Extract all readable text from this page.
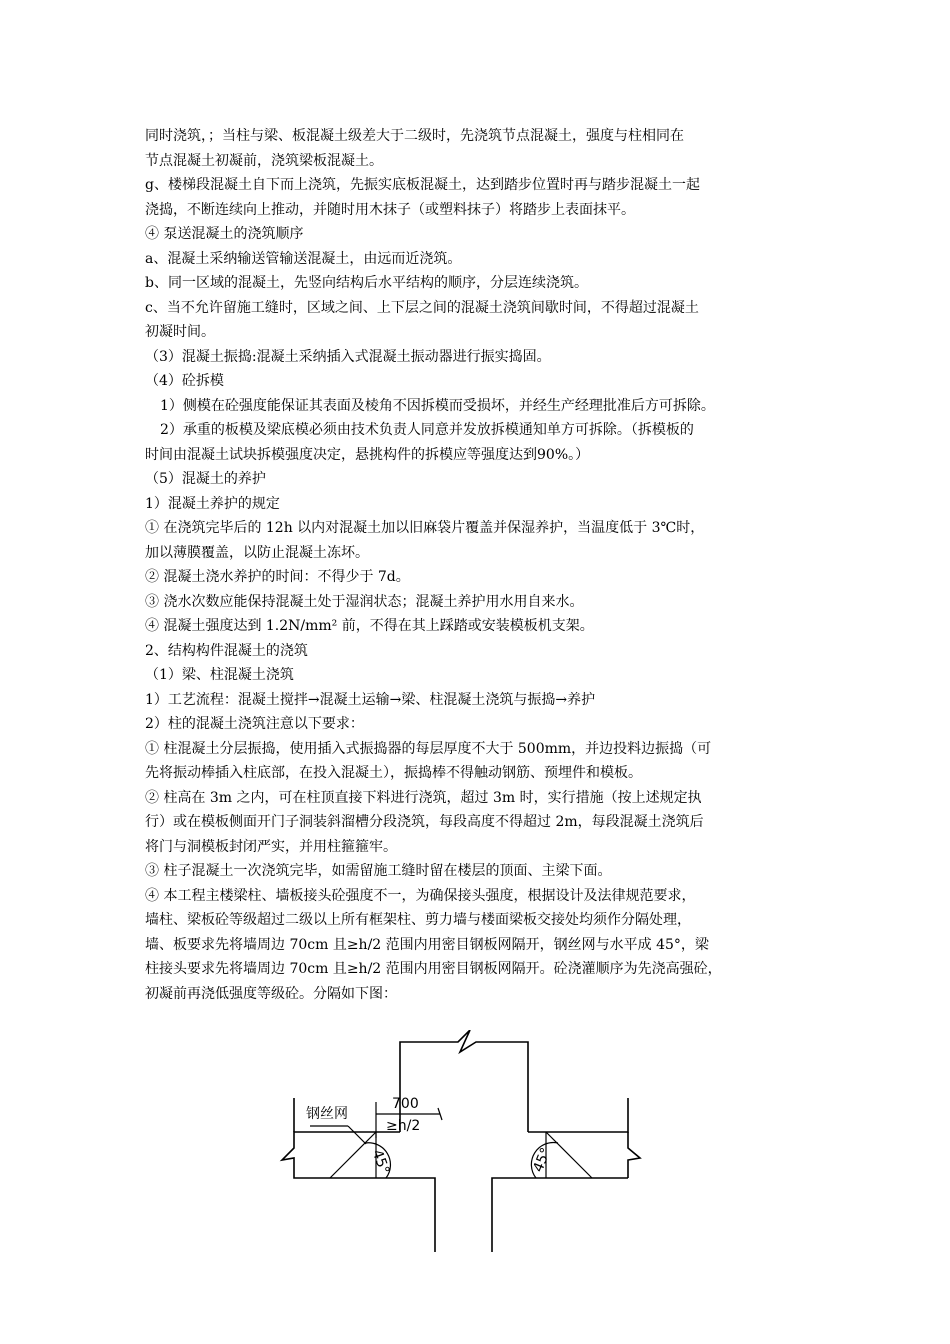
同时浇筑，；当柱与梁、板混凝土级差大于二级时，先浇筑节点混凝土，强度与柱相同在
节点混凝土初凝前，浇筑梁板混凝土。
g、楼梯段混凝土自下而上浇筑，先振实底板混凝土，达到踏步位置时再与踏步混凝土一起
浇捣，不断连续向上推动，并随时用木抹子（或塑料抹子）将踏步上表面抹平。
④ 泵送混凝土的浇筑顺序
a、混凝土采纳输送管输送混凝土，由远而近浇筑。
b、同一区域的混凝土，先竖向结构后水平结构的顺序，分层连续浇筑。
c、当不允许留施工缝时，区域之间、上下层之间的混凝土浇筑间歇时间，不得超过混凝土
初凝时间。
（3）混凝土振捣:混凝土采纳插入式混凝土振动器进行振实捣固。
（4）砼拆模
1）侧模在砼强度能保证其表面及棱角不因拆模而受损坏，并经生产经理批准后方可拆除。
2）承重的板模及梁底模必须由技术负责人同意并发放拆模通知单方可拆除。（拆模板的
时间由混凝土试块拆模强度决定，悬挑构件的拆模应等强度达到90%。）
（5）混凝土的养护
1）混凝土养护的规定
① 在浇筑完毕后的 12h 以内对混凝土加以旧麻袋片覆盖并保湿养护，当温度低于 3℃时，
加以薄膜覆盖，以防止混凝土冻坏。
② 混凝土浇水养护的时间：不得少于 7d。
③ 浇水次数应能保持混凝土处于湿润状态；混凝土养护用水用自来水。
④ 混凝土强度达到 1.2N/mm² 前，不得在其上踩踏或安装模板机支架。
2、结构构件混凝土的浇筑
（1）梁、柱混凝土浇筑
1）工艺流程：混凝土搅拌→混凝土运输→梁、柱混凝土浇筑与振捣→养护
2）柱的混凝土浇筑注意以下要求：
① 柱混凝土分层振捣，使用插入式振捣器的每层厚度不大于 500mm，并边投料边振捣（可
先将振动棒插入柱底部，在投入混凝土），振捣棒不得触动钢筋、预埋件和模板。
② 柱高在 3m 之内，可在柱顶直接下料进行浇筑，超过 3m 时，实行措施（按上述规定执
行）或在模板侧面开门子洞装斜溜槽分段浇筑，每段高度不得超过 2m，每段混凝土浇筑后
将门与洞模板封闭严实，并用柱箍箍牢。
③ 柱子混凝土一次浇筑完毕，如需留施工缝时留在楼层的顶面、主梁下面。
④ 本工程主楼梁柱、墙板接头砼强度不一，为确保接头强度，根据设计及法律规范要求，
墙柱、梁板砼等级超过二级以上所有框架柱、剪力墙与楼面梁板交接处均须作分隔处理，
墙、板要求先将墙周边 70cm 且≥h/2 范围内用密目钢板网隔开，钢丝网与水平成 45°，梁
柱接头要求先将墙周边 70cm 且≥h/2 范围内用密目钢板网隔开。砼浇灌顺序为先浇高强砼，
初凝前再浇低强度等级砼。分隔如下图：
钢丝网
700
≥h/2
45°	45°
